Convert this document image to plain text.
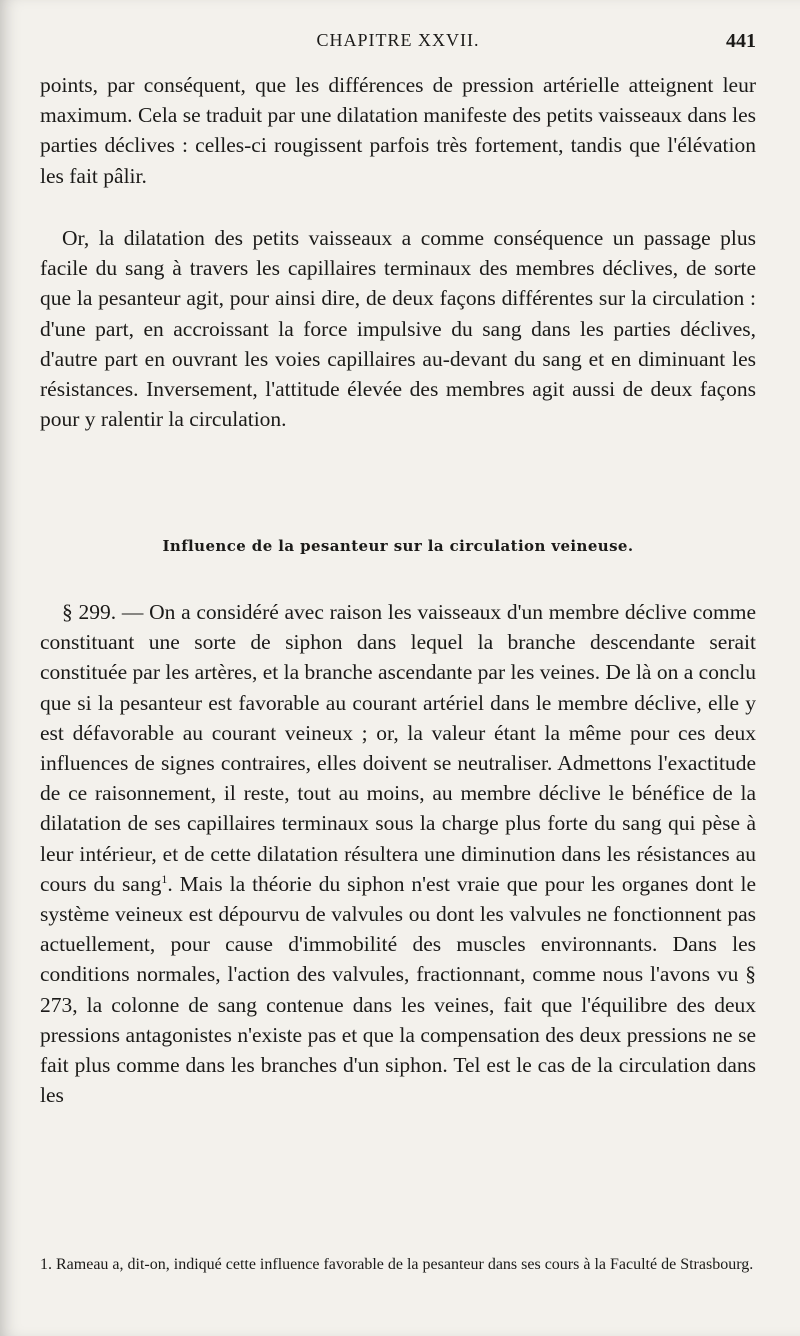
CHAPITRE XXVII.	441

points, par conséquent, que les différences de pression artérielle atteignent leur maximum. Cela se traduit par une dilatation manifeste des petits vaisseaux dans les parties déclives : celles-ci rougissent parfois très fortement, tandis que l'élévation les fait pâlir.

Or, la dilatation des petits vaisseaux a comme conséquence un passage plus facile du sang à travers les capillaires terminaux des membres déclives, de sorte que la pesanteur agit, pour ainsi dire, de deux façons différentes sur la circulation : d'une part, en accroissant la force impulsive du sang dans les parties déclives, d'autre part en ouvrant les voies capillaires au-devant du sang et en diminuant les résistances. Inversement, l'attitude élevée des membres agit aussi de deux façons pour y ralentir la circulation.

Influence de la pesanteur sur la circulation veineuse.

§ 299. — On a considéré avec raison les vaisseaux d'un membre déclive comme constituant une sorte de siphon dans lequel la branche descendante serait constituée par les artères, et la branche ascendante par les veines. De là on a conclu que si la pesanteur est favorable au courant artériel dans le membre déclive, elle y est défavorable au courant veineux ; or, la valeur étant la même pour ces deux influences de signes contraires, elles doivent se neutraliser. Admettons l'exactitude de ce raisonnement, il reste, tout au moins, au membre déclive le bénéfice de la dilatation de ses capillaires terminaux sous la charge plus forte du sang qui pèse à leur intérieur, et de cette dilatation résultera une diminution dans les résistances au cours du sang$^1$. Mais la théorie du siphon n'est vraie que pour les organes dont le système veineux est dépourvu de valvules ou dont les valvules ne fonctionnent pas actuellement, pour cause d'immobilité des muscles environnants. Dans les conditions normales, l'action des valvules, fractionnant, comme nous l'avons vu § 273, la colonne de sang contenue dans les veines, fait que l'équilibre des deux pressions antagonistes n'existe pas et que la compensation des deux pressions ne se fait plus comme dans les branches d'un siphon. Tel est le cas de la circulation dans les

1. Rameau a, dit-on, indiqué cette influence favorable de la pesanteur dans ses cours à la Faculté de Strasbourg.
